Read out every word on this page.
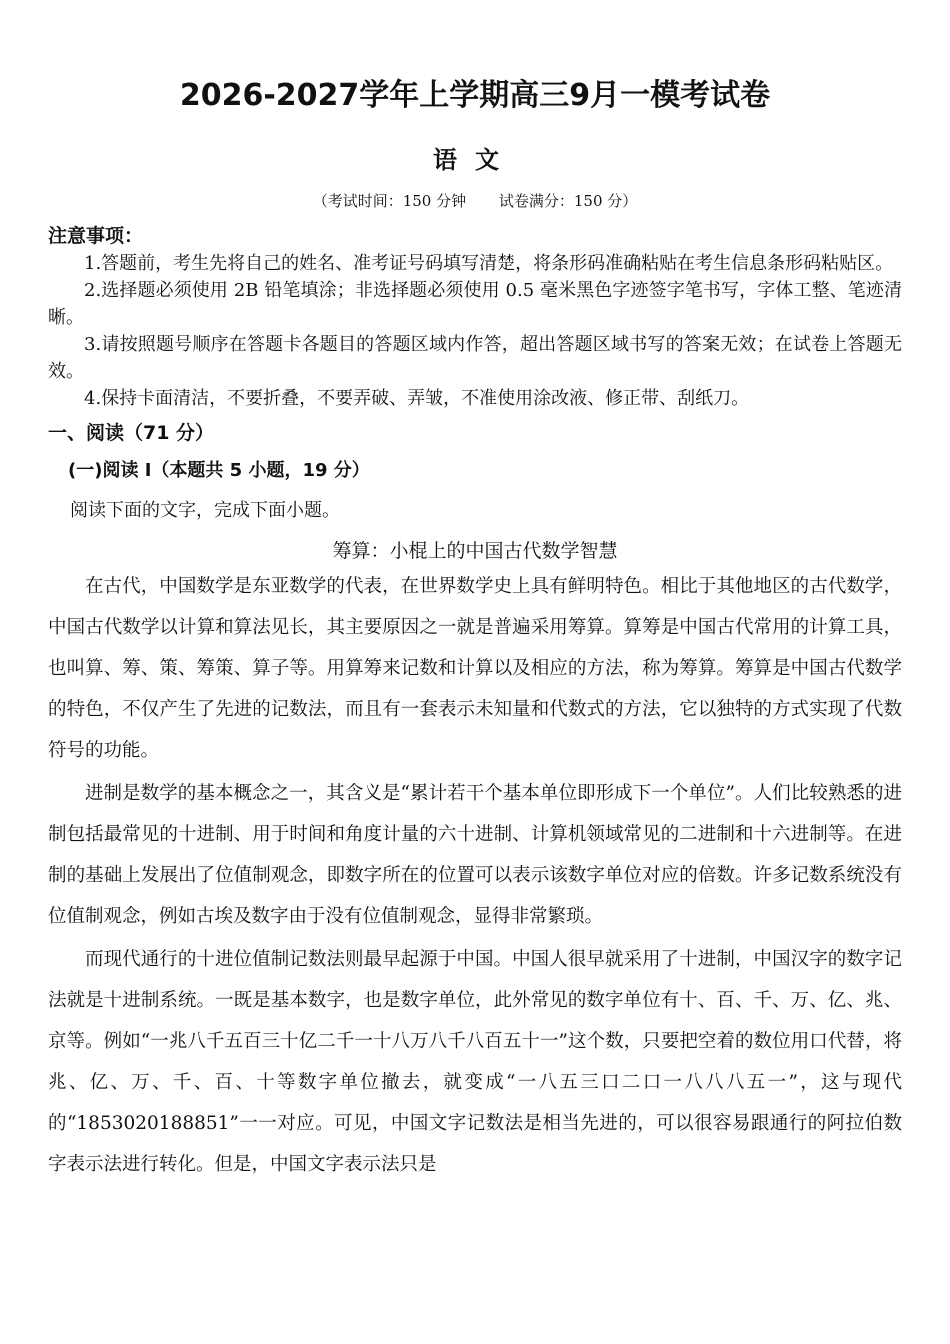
2026-2027学年上学期高三9月一模考试卷
语文
（考试时间：150 分钟 试卷满分：150 分）
注意事项：

1.答题前，考生先将自己的姓名、准考证号码填写清楚，将条形码准确粘贴在考生信息条形码粘贴区。

2.选择题必须使用 2B 铅笔填涂；非选择题必须使用 0.5 毫米黑色字迹签字笔书写，字体工整、笔迹清晰。

3.请按照题号顺序在答题卡各题目的答题区域内作答，超出答题区域书写的答案无效；在试卷上答题无效。

4.保持卡面清洁，不要折叠，不要弄破、弄皱，不准使用涂改液、修正带、刮纸刀。

一、阅读（71 分）
(一)阅读 I（本题共 5 小题，19 分）
阅读下面的文字，完成下面小题。
筹算：小棍上的中国古代数学智慧

在古代，中国数学是东亚数学的代表，在世界数学史上具有鲜明特色。相比于其他地区的古代数学，中国古代数学以计算和算法见长，其主要原因之一就是普遍采用筹算。算筹是中国古代常用的计算工具，也叫算、筹、策、筹策、算子等。用算筹来记数和计算以及相应的方法，称为筹算。筹算是中国古代数学的特色，不仅产生了先进的记数法，而且有一套表示未知量和代数式的方法，它以独特的方式实现了代数符号的功能。

进制是数学的基本概念之一，其含义是“累计若干个基本单位即形成下一个单位”。人们比较熟悉的进制包括最常见的十进制、用于时间和角度计量的六十进制、计算机领域常见的二进制和十六进制等。在进制的基础上发展出了位值制观念，即数字所在的位置可以表示该数字单位对应的倍数。许多记数系统没有位值制观念，例如古埃及数字由于没有位值制观念，显得非常繁琐。

而现代通行的十进位值制记数法则最早起源于中国。中国人很早就采用了十进制，中国汉字的数字记法就是十进制系统。一既是基本数字，也是数字单位，此外常见的数字单位有十、百、千、万、亿、兆、京等。例如“一兆八千五百三十亿二千一十八万八千八百五十一”这个数，只要把空着的数位用口代替，将兆、亿、万、千、百、十等数字单位撤去，就变成“一八五三口二口一八八八五一”，这与现代的“1853020188851”一一对应。可见，中国文字记数法是相当先进的，可以很容易跟通行的阿拉伯数字表示法进行转化。但是，中国文字表示法只是
